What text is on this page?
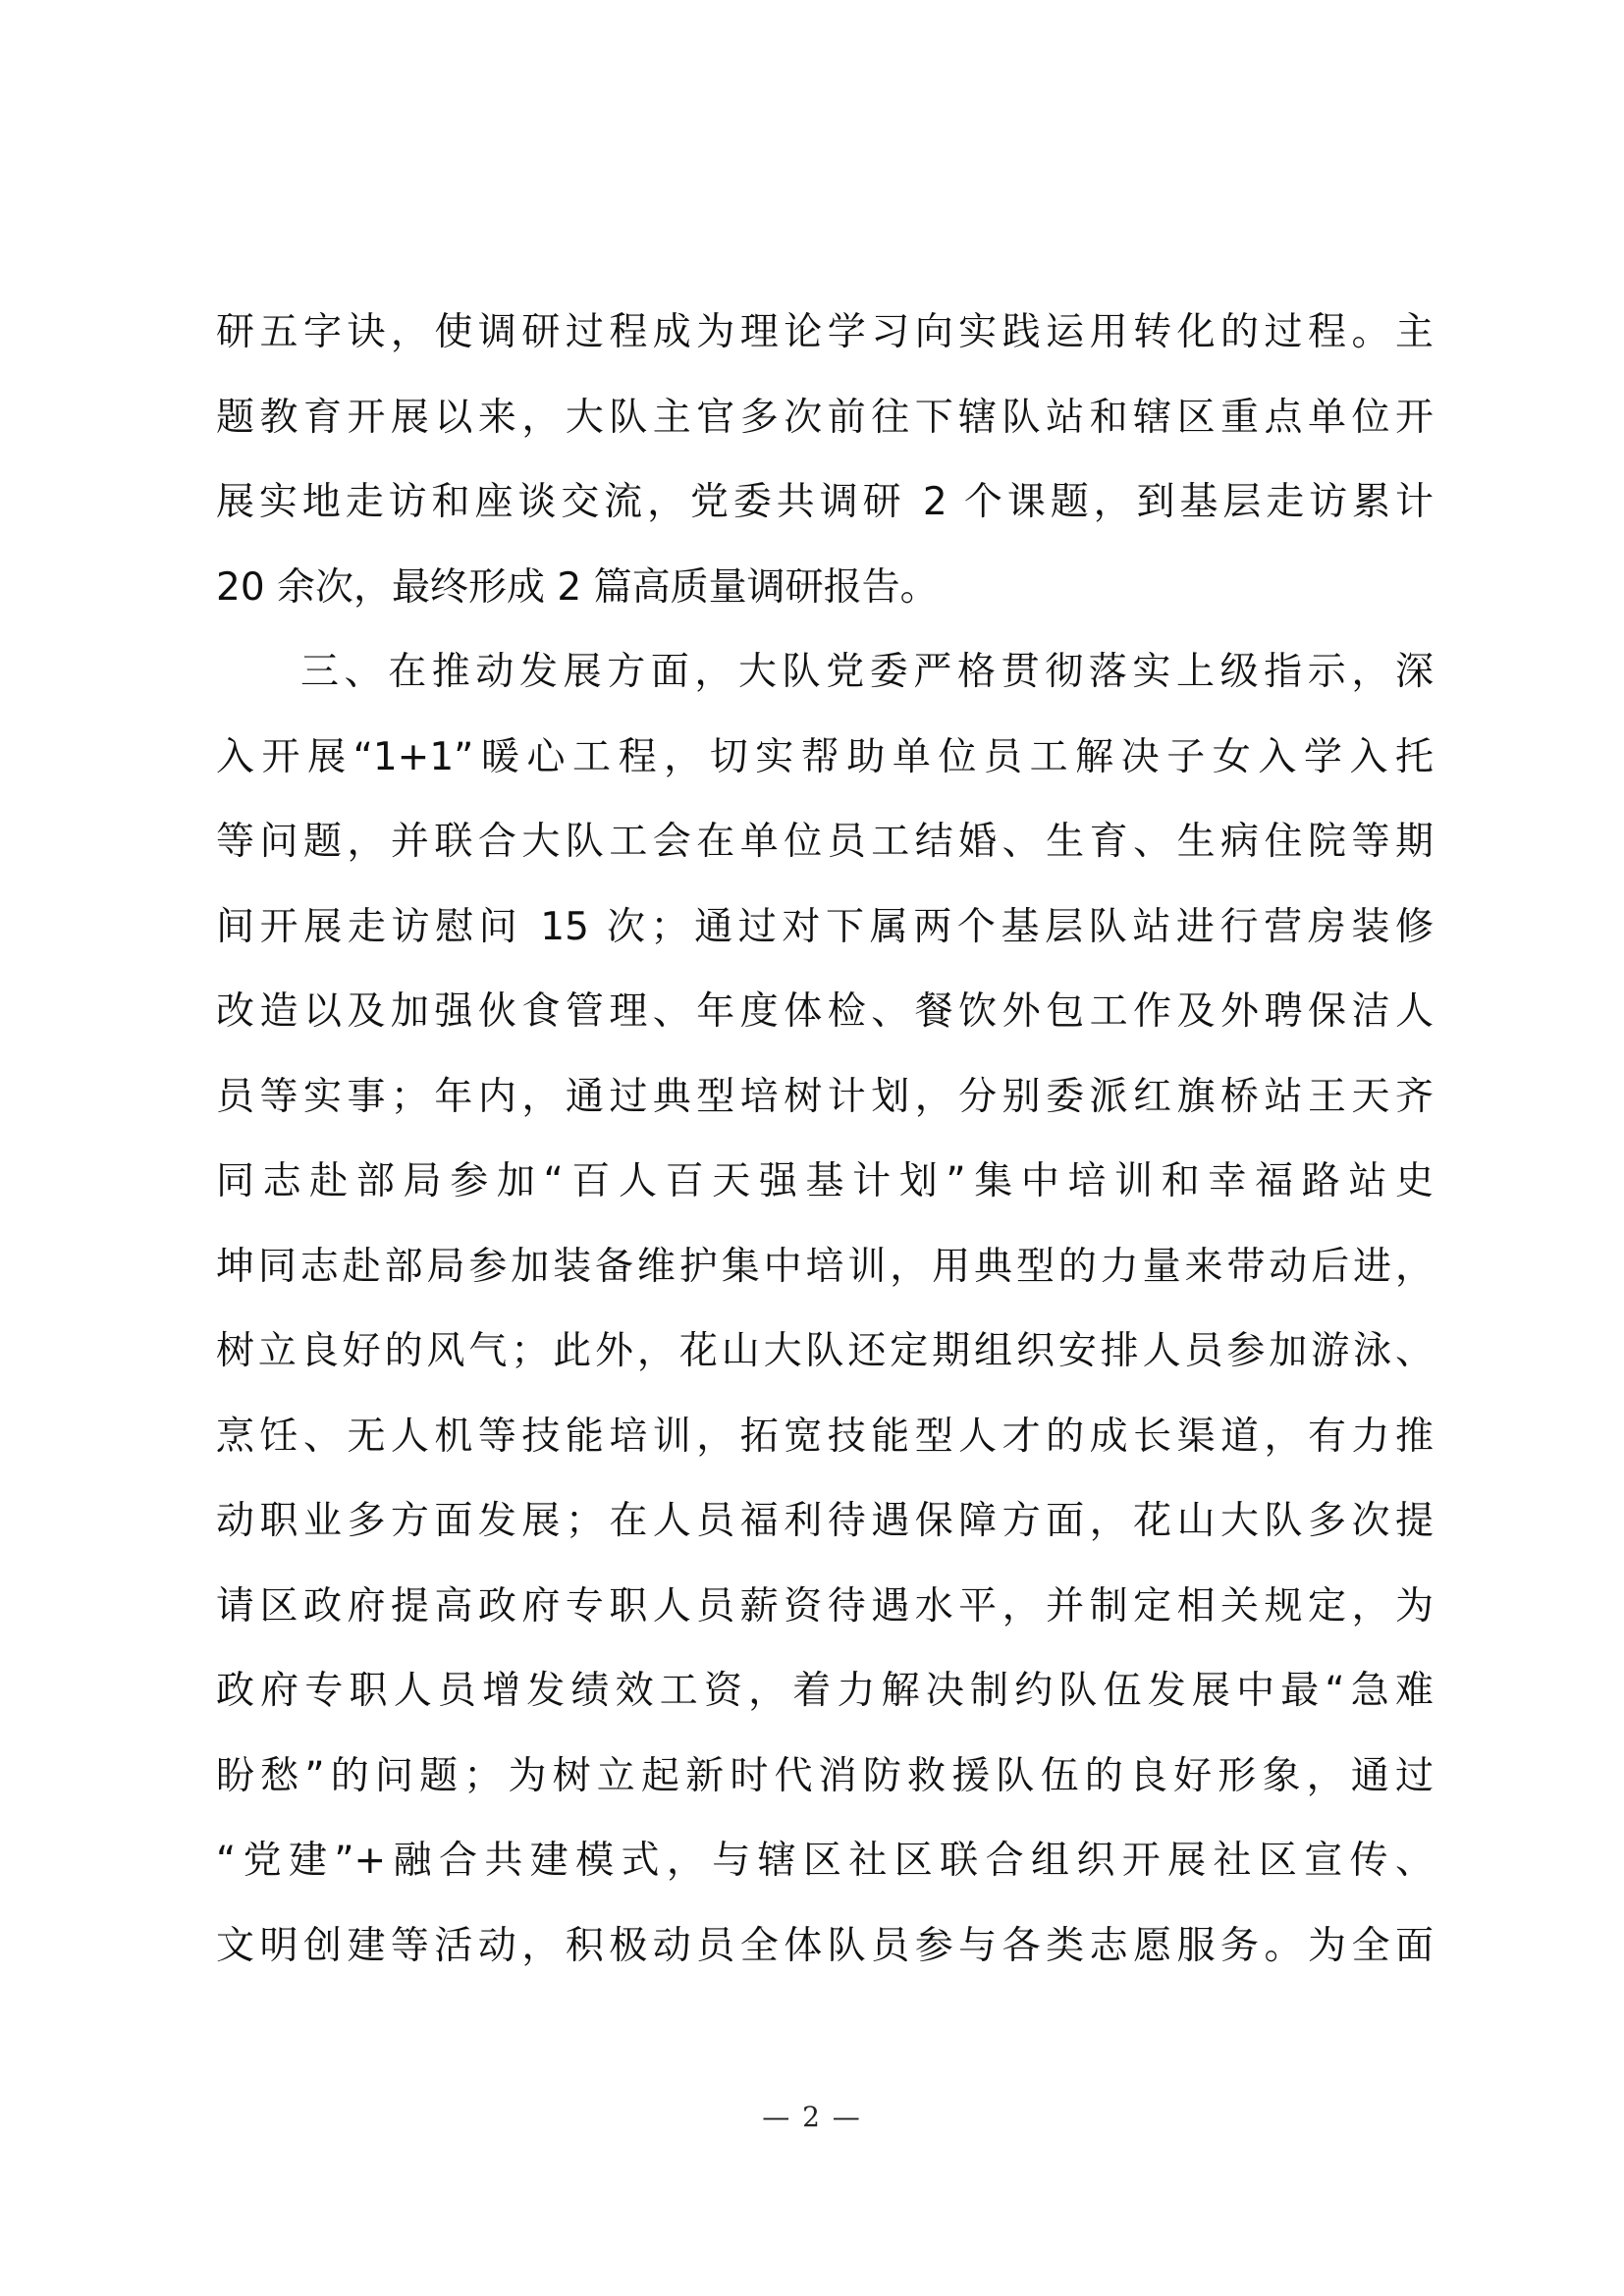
研五字诀，使调研过程成为理论学习向实践运用转化的过程。主
题教育开展以来，大队主官多次前往下辖队站和辖区重点单位开
展实地走访和座谈交流，党委共调研 2 个课题，到基层走访累计
20 余次，最终形成 2 篇高质量调研报告。
三、在推动发展方面，大队党委严格贯彻落实上级指示，深
入开展“1+1”暖心工程，切实帮助单位员工解决子女入学入托
等问题，并联合大队工会在单位员工结婚、生育、生病住院等期
间开展走访慰问 15 次；通过对下属两个基层队站进行营房装修
改造以及加强伙食管理、年度体检、餐饮外包工作及外聘保洁人
员等实事；年内，通过典型培树计划，分别委派红旗桥站王天齐
同志赴部局参加“百人百天强基计划”集中培训和幸福路站史
坤同志赴部局参加装备维护集中培训，用典型的力量来带动后进，
树立良好的风气；此外，花山大队还定期组织安排人员参加游泳、
烹饪、无人机等技能培训，拓宽技能型人才的成长渠道，有力推
动职业多方面发展；在人员福利待遇保障方面，花山大队多次提
请区政府提高政府专职人员薪资待遇水平，并制定相关规定，为
政府专职人员增发绩效工资，着力解决制约队伍发展中最“急难
盼愁”的问题；为树立起新时代消防救援队伍的良好形象，通过
“党建”+融合共建模式，与辖区社区联合组织开展社区宣传、
文明创建等活动，积极动员全体队员参与各类志愿服务。为全面
— 2 —
